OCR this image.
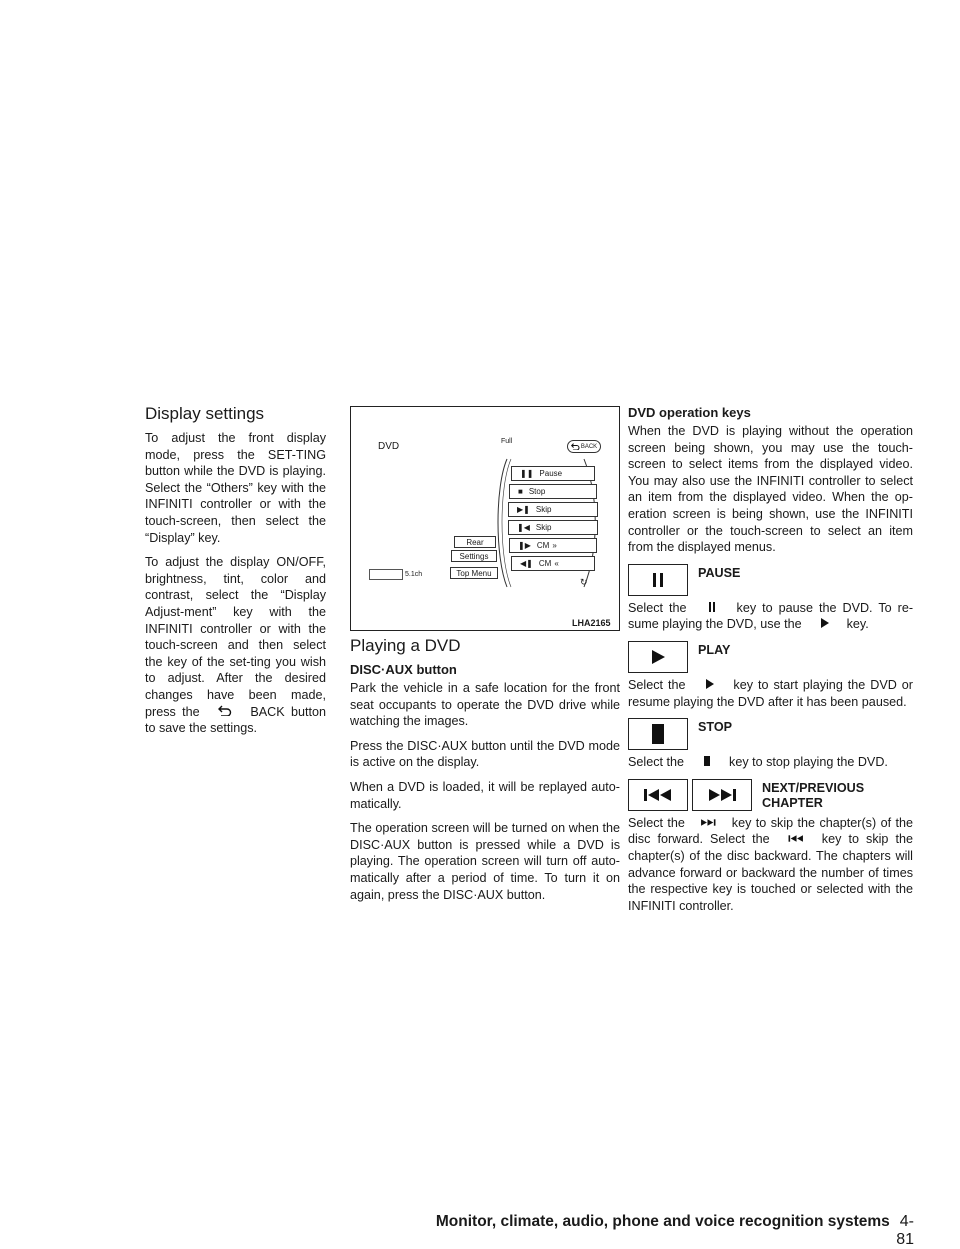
Display settings

To adjust the front display mode, press the SET-TING button while the DVD is playing. Select the “Others” key with the INFINITI controller or with the touch-screen, then select the “Display” key.

To adjust the display ON/OFF, brightness, tint, color and contrast, select the “Display Adjust-ment” key with the INFINITI controller or with the touch-screen and then select the key of the set-ting you wish to adjust. After the desired changes have been made, press the	BACK button to save the settings.

DVD	Full
BACK
❚❚ Pause
■ Stop
▶❚ Skip
❚◀ Skip
❚▶ CM »
◀❚ CM «
↻
Rear
Settings
Top Menu
5.1ch
LHA2165
Playing a DVD
DISC·AUX button

Park the vehicle in a safe location for the front seat occupants to operate the DVD drive while watching the images.

Press the DISC·AUX button until the DVD mode is active on the display.

When a DVD is loaded, it will be replayed auto-matically.

The operation screen will be turned on when the DISC·AUX button is pressed while a DVD is playing. The operation screen will turn off auto-matically after a period of time. To turn it on again, press the DISC·AUX button.

DVD operation keys

When the DVD is playing without the operation screen being shown, you may use the touch-screen to select items from the displayed video. You may also use the INFINITI controller to select an item from the displayed video. When the op-eration screen is being shown, use the INFINITI controller or the touch-screen to select an item from the displayed menus.

PAUSE

Select the	key to pause the DVD. To re-sume playing the DVD, use the	key.

PLAY

Select the	key to start playing the DVD or resume playing the DVD after it has been paused.

STOP

Select the	key to stop playing the DVD.

NEXT/PREVIOUS CHAPTER

Select the	key to skip the chapter(s) of the disc forward. Select the	key to skip the chapter(s) of the disc backward. The chapters will advance forward or backward the number of times the respective key is touched or selected with the INFINITI controller.

Monitor, climate, audio, phone and voice recognition systems 4-81
